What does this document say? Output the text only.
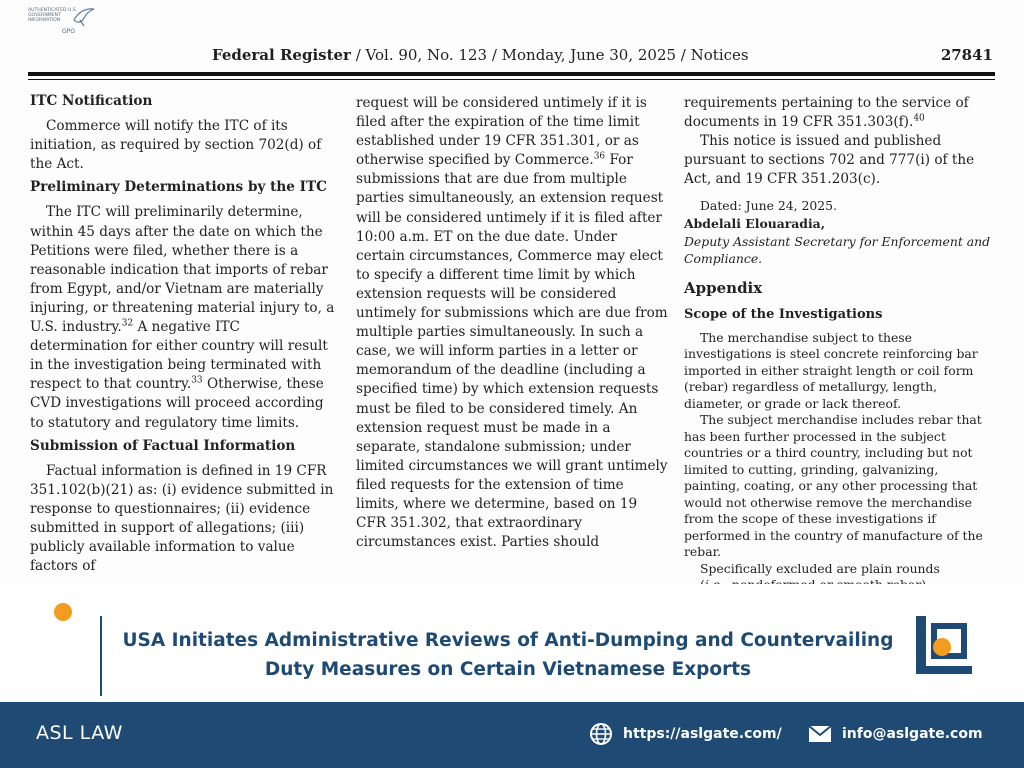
AUTHENTICATED U.S. GOVERNMENT INFORMATION
GPO
Federal Register / Vol. 90, No. 123 / Monday, June 30, 2025 / Notices	27841
ITC Notification

Commerce will notify the ITC of its initiation, as required by section 702(d) of the Act.

Preliminary Determinations by the ITC

The ITC will preliminarily determine, within 45 days after the date on which the Petitions were filed, whether there is a reasonable indication that imports of rebar from Egypt, and/or Vietnam are materially injuring, or threatening material injury to, a U.S. industry.$^{32}$ A negative ITC determination for either country will result in the investigation being terminated with respect to that country.$^{33}$ Otherwise, these CVD investigations will proceed according to statutory and regulatory time limits.

Submission of Factual Information

Factual information is defined in 19 CFR 351.102(b)(21) as: (i) evidence submitted in response to questionnaires; (ii) evidence submitted in support of allegations; (iii) publicly available information to value factors of

request will be considered untimely if it is filed after the expiration of the time limit established under 19 CFR 351.301, or as otherwise specified by Commerce.$^{36}$ For submissions that are due from multiple parties simultaneously, an extension request will be considered untimely if it is filed after 10:00 a.m. ET on the due date. Under certain circumstances, Commerce may elect to specify a different time limit by which extension requests will be considered untimely for submissions which are due from multiple parties simultaneously. In such a case, we will inform parties in a letter or memorandum of the deadline (including a specified time) by which extension requests must be filed to be considered timely. An extension request must be made in a separate, standalone submission; under limited circumstances we will grant untimely filed requests for the extension of time limits, where we determine, based on 19 CFR 351.302, that extraordinary circumstances exist. Parties should

requirements pertaining to the service of documents in 19 CFR 351.303(f).$^{40}$

This notice is issued and published pursuant to sections 702 and 777(i) of the Act, and 19 CFR 351.203(c).

Dated: June 24, 2025.

Abdelali Elouaradia,

Deputy Assistant Secretary for Enforcement and Compliance.

Appendix
Scope of the Investigations

The merchandise subject to these investigations is steel concrete reinforcing bar imported in either straight length or coil form (rebar) regardless of metallurgy, length, diameter, or grade or lack thereof.

The subject merchandise includes rebar that has been further processed in the subject countries or a third country, including but not limited to cutting, grinding, galvanizing, painting, coating, or any other processing that would not otherwise remove the merchandise from the scope of these investigations if performed in the country of manufacture of the rebar.

Specifically excluded are plain rounds

USA Initiates Administrative Reviews of Anti-Dumping and Countervailing
Duty Measures on Certain Vietnamese Exports
ASL LAW	https://aslgate.com/	info@aslgate.com
